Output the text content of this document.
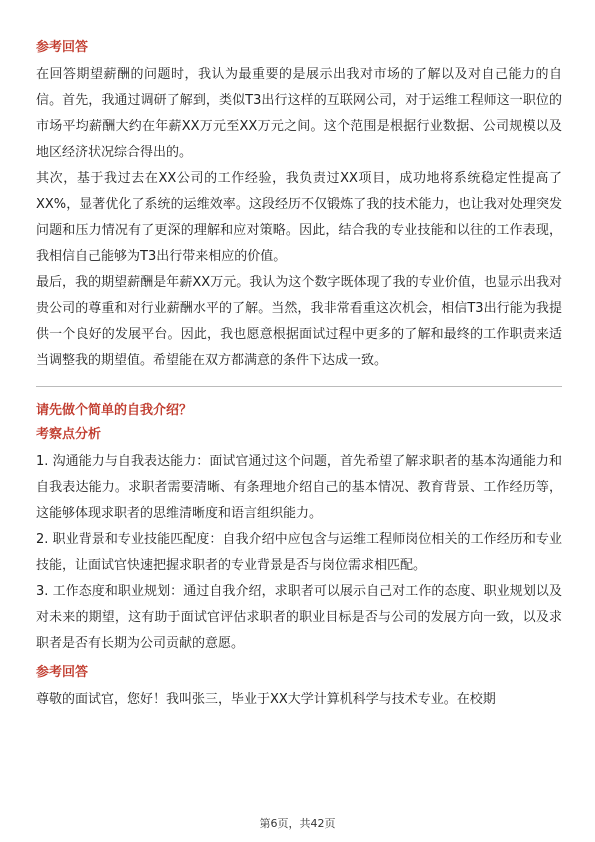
参考回答

在回答期望薪酬的问题时，我认为最重要的是展示出我对市场的了解以及对自己能力的自信。首先，我通过调研了解到，类似T3出行这样的互联网公司，对于运维工程师这一职位的市场平均薪酬大约在年薪XX万元至XX万元之间。这个范围是根据行业数据、公司规模以及地区经济状况综合得出的。

其次，基于我过去在XX公司的工作经验，我负责过XX项目，成功地将系统稳定性提高了XX%，显著优化了系统的运维效率。这段经历不仅锻炼了我的技术能力，也让我对处理突发问题和压力情况有了更深的理解和应对策略。因此，结合我的专业技能和以往的工作表现，我相信自己能够为T3出行带来相应的价值。

最后，我的期望薪酬是年薪XX万元。我认为这个数字既体现了我的专业价值，也显示出我对贵公司的尊重和对行业薪酬水平的了解。当然，我非常看重这次机会，相信T3出行能为我提供一个良好的发展平台。因此，我也愿意根据面试过程中更多的了解和最终的工作职责来适当调整我的期望值。希望能在双方都满意的条件下达成一致。

请先做个简单的自我介绍？
考察点分析

1. 沟通能力与自我表达能力：面试官通过这个问题，首先希望了解求职者的基本沟通能力和自我表达能力。求职者需要清晰、有条理地介绍自己的基本情况、教育背景、工作经历等，这能够体现求职者的思维清晰度和语言组织能力。

2. 职业背景和专业技能匹配度：自我介绍中应包含与运维工程师岗位相关的工作经历和专业技能，让面试官快速把握求职者的专业背景是否与岗位需求相匹配。

3. 工作态度和职业规划：通过自我介绍，求职者可以展示自己对工作的态度、职业规划以及对未来的期望，这有助于面试官评估求职者的职业目标是否与公司的发展方向一致，以及求职者是否有长期为公司贡献的意愿。

参考回答

尊敬的面试官，您好！我叫张三，毕业于XX大学计算机科学与技术专业。在校期

第6页，共42页
